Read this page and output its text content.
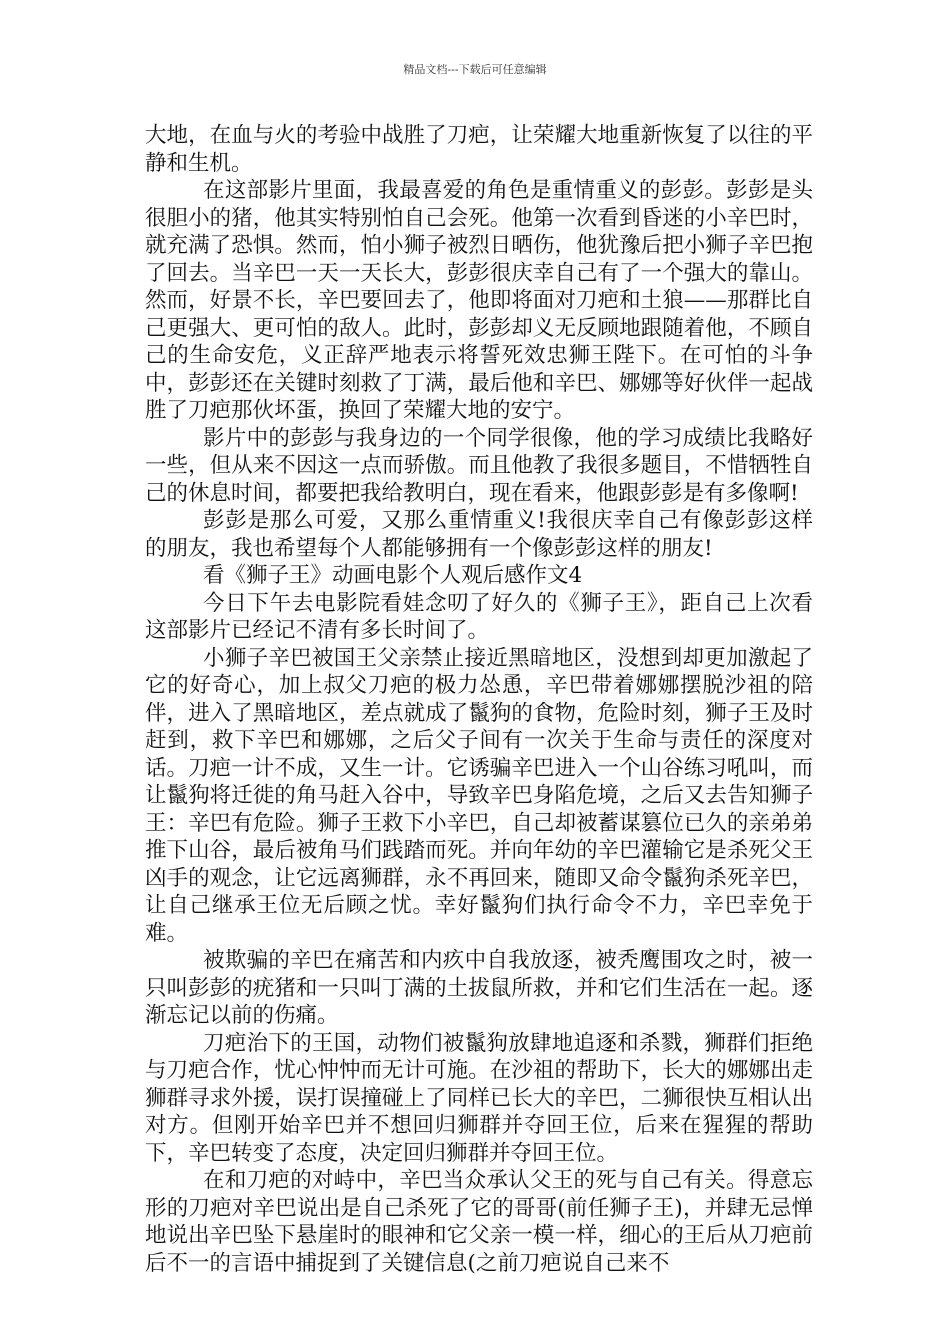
精品文档---下载后可任意编辑

大地，在血与火的考验中战胜了刀疤，让荣耀大地重新恢复了以往的平静和生机。

在这部影片里面，我最喜爱的角色是重情重义的彭彭。彭彭是头很胆小的猪，他其实特别怕自己会死。他第一次看到昏迷的小辛巴时，就充满了恐惧。然而，怕小狮子被烈日晒伤，他犹豫后把小狮子辛巴抱了回去。当辛巴一天一天长大，彭彭很庆幸自己有了一个强大的靠山。然而，好景不长，辛巴要回去了，他即将面对刀疤和土狼——那群比自己更强大、更可怕的敌人。此时，彭彭却义无反顾地跟随着他，不顾自己的生命安危，义正辞严地表示将誓死效忠狮王陛下。在可怕的斗争中，彭彭还在关键时刻救了丁满，最后他和辛巴、娜娜等好伙伴一起战胜了刀疤那伙坏蛋，换回了荣耀大地的安宁。

影片中的彭彭与我身边的一个同学很像，他的学习成绩比我略好一些，但从来不因这一点而骄傲。而且他教了我很多题目，不惜牺牲自己的休息时间，都要把我给教明白，现在看来，他跟彭彭是有多像啊!

彭彭是那么可爱，又那么重情重义!我很庆幸自己有像彭彭这样的朋友，我也希望每个人都能够拥有一个像彭彭这样的朋友!

看《狮子王》动画电影个人观后感作文4

今日下午去电影院看娃念叨了好久的《狮子王》，距自己上次看这部影片已经记不清有多长时间了。

小狮子辛巴被国王父亲禁止接近黑暗地区，没想到却更加激起了它的好奇心，加上叔父刀疤的极力怂恿，辛巴带着娜娜摆脱沙祖的陪伴，进入了黑暗地区，差点就成了鬣狗的食物，危险时刻，狮子王及时赶到，救下辛巴和娜娜，之后父子间有一次关于生命与责任的深度对话。刀疤一计不成，又生一计。它诱骗辛巴进入一个山谷练习吼叫，而让鬣狗将迁徙的角马赶入谷中，导致辛巴身陷危境，之后又去告知狮子王：辛巴有危险。狮子王救下小辛巴，自己却被蓄谋篡位已久的亲弟弟推下山谷，最后被角马们践踏而死。并向年幼的辛巴灌输它是杀死父王凶手的观念，让它远离狮群，永不再回来，随即又命令鬣狗杀死辛巴，让自己继承王位无后顾之忧。幸好鬣狗们执行命令不力，辛巴幸免于难。

被欺骗的辛巴在痛苦和内疚中自我放逐，被秃鹰围攻之时，被一只叫彭彭的疣猪和一只叫丁满的土拔鼠所救，并和它们生活在一起。逐渐忘记以前的伤痛。

刀疤治下的王国，动物们被鬣狗放肆地追逐和杀戮，狮群们拒绝与刀疤合作，忧心忡忡而无计可施。在沙祖的帮助下，长大的娜娜出走狮群寻求外援，误打误撞碰上了同样已长大的辛巴，二狮很快互相认出对方。但刚开始辛巴并不想回归狮群并夺回王位，后来在猩猩的帮助下，辛巴转变了态度，决定回归狮群并夺回王位。

在和刀疤的对峙中，辛巴当众承认父王的死与自己有关。得意忘形的刀疤对辛巴说出是自己杀死了它的哥哥(前任狮子王)，并肆无忌惮地说出辛巴坠下悬崖时的眼神和它父亲一模一样，细心的王后从刀疤前后不一的言语中捕捉到了关键信息(之前刀疤说自己来不
